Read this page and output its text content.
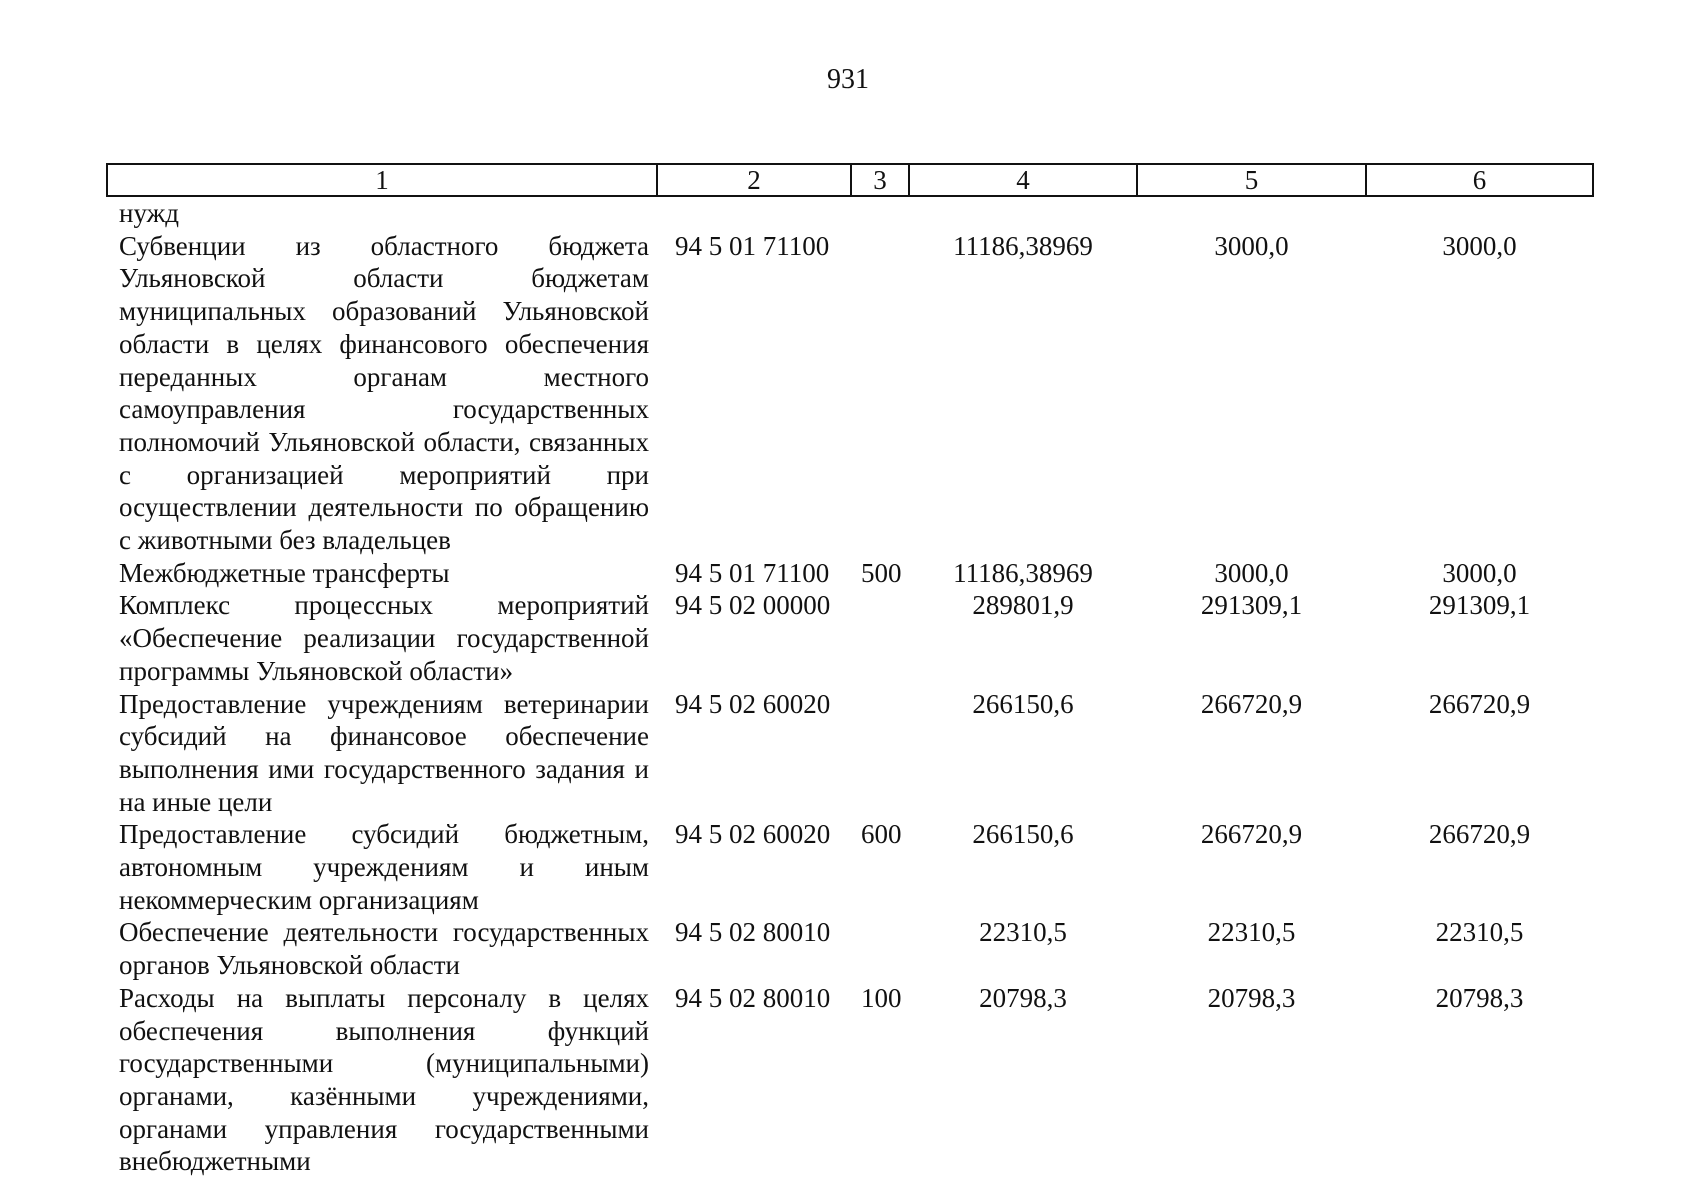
931
1	2	3	4	5	6
нужд					
Субвенции из областного бюджета Ульяновской области бюджетам муниципальных образований Ульяновской области в целях финансового обеспечения переданных органам местного самоуправления государственных полномочий Ульяновской области, связанных с организацией мероприятий при осуществлении деятельности по обращению с животными без владельцев	94 5 01 71100		11186,38969	3000,0	3000,0
Межбюджетные трансферты	94 5 01 71100	500	11186,38969	3000,0	3000,0
Комплекс процессных мероприятий «Обеспечение реализации государственной программы Ульяновской области»	94 5 02 00000		289801,9	291309,1	291309,1
Предоставление учреждениям ветеринарии субсидий на финансовое обеспечение выполнения ими государственного задания и на иные цели	94 5 02 60020		266150,6	266720,9	266720,9
Предоставление субсидий бюджетным, автономным учреждениям и иным некоммерческим организациям	94 5 02 60020	600	266150,6	266720,9	266720,9
Обеспечение деятельности государственных органов Ульяновской области	94 5 02 80010		22310,5	22310,5	22310,5
Расходы на выплаты персоналу в целях обеспечения выполнения функций государственными (муниципальными) органами, казёнными учреждениями, органами управления государственными внебюджетными	94 5 02 80010	100	20798,3	20798,3	20798,3
